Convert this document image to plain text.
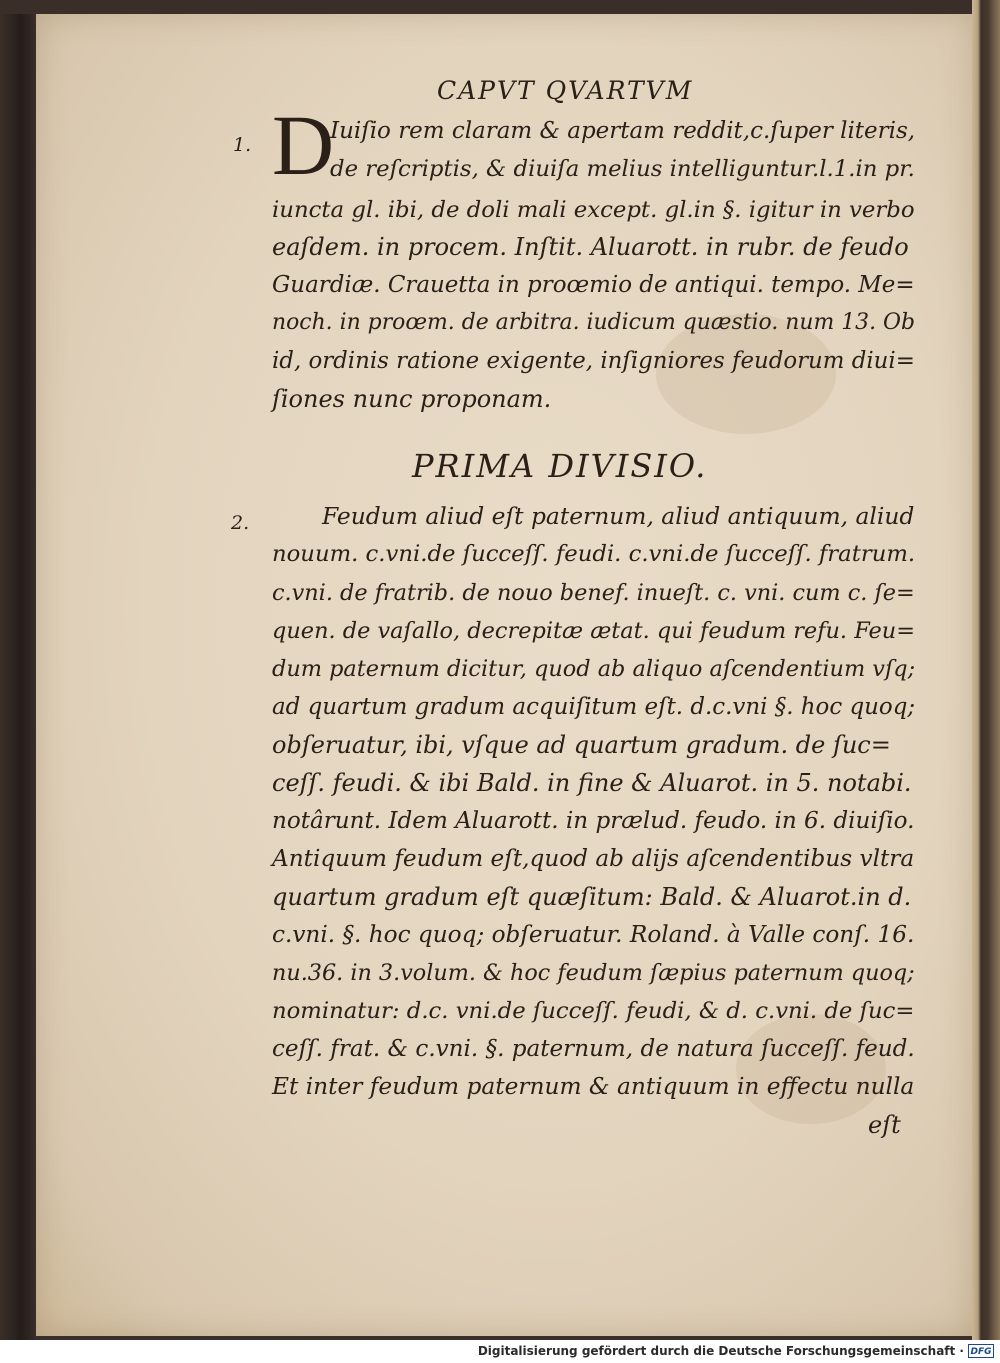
CAPVT QVARTVM
1. D
Iuiſio rem claram & apertam reddit,c.ſuper literis,
de reſcriptis, & diuiſa melius intelliguntur.l.1.in pr.
iuncta gl. ibi, de doli mali except. gl.in §. igitur in verbo
eaſdem. in procem. Inſtit. Aluarott. in rubr. de feudo
Guardiæ. Crauetta in proœmio de antiqui. tempo. Me=
noch. in proœm. de arbitra. iudicum quæstio. num 13. Ob
id, ordinis ratione exigente, inſigniores feudorum diui=
ſiones nunc proponam.
PRIMA DIVISIO.
2.	Feudum aliud eſt paternum, aliud antiquum, aliud
nouum. c.vni.de ſucceſſ. feudi. c.vni.de ſucceſſ. fratrum.
c.vni. de fratrib. de nouo benef. inueſt. c. vni. cum c. ſe=
quen. de vaſallo, decrepitæ ætat. qui feudum refu. Feu=
dum paternum dicitur, quod ab aliquo aſcendentium vſq;
ad quartum gradum acquiſitum eſt. d.c.vni §. hoc quoq;
obſeruatur, ibi, vſque ad quartum gradum. de ſuc=
ceſſ. feudi. & ibi Bald. in fine & Aluarot. in 5. notabi.
notârunt. Idem Aluarott. in prælud. feudo. in 6. diuiſio.
Antiquum feudum eſt,quod ab alijs aſcendentibus vltra
quartum gradum eſt quæſitum: Bald. & Aluarot.in d.
c.vni. §. hoc quoq; obſeruatur. Roland. à Valle conſ. 16.
nu.36. in 3.volum. & hoc feudum ſæpius paternum quoq;
nominatur: d.c. vni.de ſucceſſ. feudi, & d. c.vni. de ſuc=
ceſſ. frat. & c.vni. §. paternum, de natura ſucceſſ. feud.
Et inter feudum paternum & antiquum in effectu nulla
eſt
Digitalisierung gefördert durch die Deutsche Forschungsgemeinschaft · DFG
